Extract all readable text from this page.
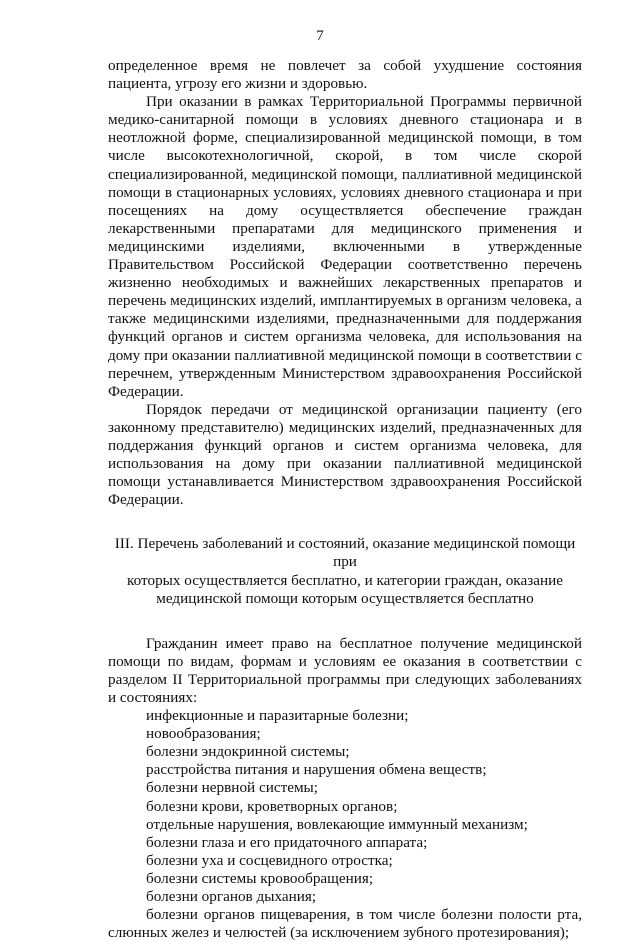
7

определенное время не повлечет за собой ухудшение состояния пациента, угрозу его жизни и здоровью.

При оказании в рамках Территориальной Программы первичной медико-санитарной помощи в условиях дневного стационара и в неотложной форме, специализированной медицинской помощи, в том числе высокотехнологичной, скорой, в том числе скорой специализированной, медицинской помощи, паллиативной медицинской помощи в стационарных условиях, условиях дневного стационара и при посещениях на дому осуществляется обеспечение граждан лекарственными препаратами для медицинского применения и медицинскими изделиями, включенными в утвержденные Правительством Российской Федерации соответственно перечень жизненно необходимых и важнейших лекарственных препаратов и перечень медицинских изделий, имплантируемых в организм человека, а также медицинскими изделиями, предназначенными для поддержания функций органов и систем организма человека, для использования на дому при оказании паллиативной медицинской помощи в соответствии с перечнем, утвержденным Министерством здравоохранения Российской Федерации.

Порядок передачи от медицинской организации пациенту (его законному представителю) медицинских изделий, предназначенных для поддержания функций органов и систем организма человека, для использования на дому при оказании паллиативной медицинской помощи устанавливается Министерством здравоохранения Российской Федерации.

III. Перечень заболеваний и состояний, оказание медицинской помощи при
которых осуществляется бесплатно, и категории граждан, оказание
медицинской помощи которым осуществляется бесплатно

Гражданин имеет право на бесплатное получение медицинской помощи по видам, формам и условиям ее оказания в соответствии с разделом II Территориальной программы при следующих заболеваниях и состояниях:

инфекционные и паразитарные болезни;
новообразования;
болезни эндокринной системы;
расстройства питания и нарушения обмена веществ;
болезни нервной системы;
болезни крови, кроветворных органов;
отдельные нарушения, вовлекающие иммунный механизм;
болезни глаза и его придаточного аппарата;
болезни уха и сосцевидного отростка;
болезни системы кровообращения;
болезни органов дыхания;

болезни органов пищеварения, в том числе болезни полости рта, слюнных желез и челюстей (за исключением зубного протезирования);
